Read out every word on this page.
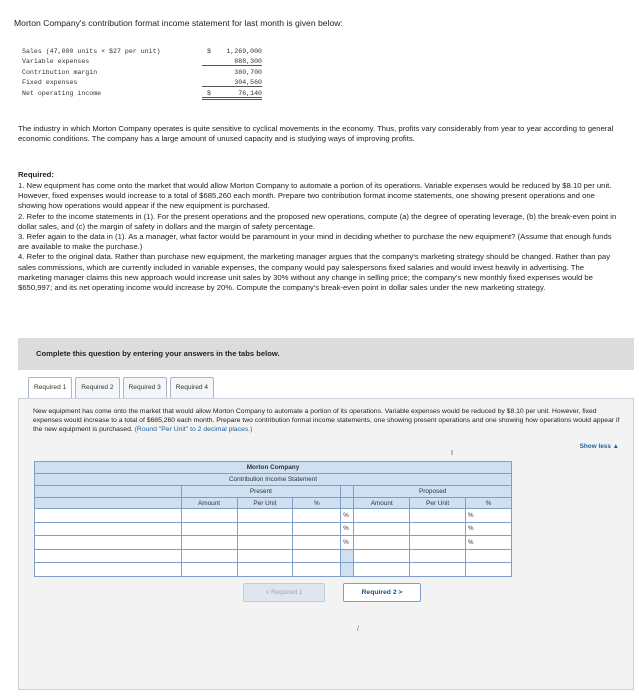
Morton Company's contribution format income statement for last month is given below:
Sales (47,000 units × $27 per unit)	$	1,269,000
Variable expenses	888,300
Contribution margin	380,700
Fixed expenses	304,560
Net operating income	$	76,140
The industry in which Morton Company operates is quite sensitive to cyclical movements in the economy. Thus, profits vary considerably from year to year according to general economic conditions. The company has a large amount of unused capacity and is studying ways of improving profits.
Required:

1. New equipment has come onto the market that would allow Morton Company to automate a portion of its operations. Variable expenses would be reduced by $8.10 per unit. However, fixed expenses would increase to a total of $685,260 each month. Prepare two contribution format income statements, one showing present operations and one showing how operations would appear if the new equipment is purchased.

2. Refer to the income statements in (1). For the present operations and the proposed new operations, compute (a) the degree of operating leverage, (b) the break-even point in dollar sales, and (c) the margin of safety in dollars and the margin of safety percentage.

3. Refer again to the data in (1). As a manager, what factor would be paramount in your mind in deciding whether to purchase the new equipment? (Assume that enough funds are available to make the purchase.)

4. Refer to the original data. Rather than purchase new equipment, the marketing manager argues that the company's marketing strategy should be changed. Rather than pay sales commissions, which are currently included in variable expenses, the company would pay salespersons fixed salaries and would invest heavily in advertising. The marketing manager claims this new approach would increase unit sales by 30% without any change in selling price; the company's new monthly fixed expenses would be $650,997; and its net operating income would increase by 20%. Compute the company's break-even point in dollar sales under the new marketing strategy.

Complete this question by entering your answers in the tabs below.
Required 1	Required 2	Required 3	Required 4
New equipment has come onto the market that would allow Morton Company to automate a portion of its operations. Variable expenses would be reduced by $8.10 per unit. However, fixed expenses would increase to a total of $685,260 each month. Prepare two contribution format income statements, one showing present operations and one showing how operations would appear if the new equipment is purchased. (Round "Per Unit" to 2 decimal places.)
Show less ▲
I
Morton Company							
Contribution Income Statement							
	Present				Proposed		
	Amount	Per Unit	%		Amount	Per Unit	%
				%			%
				%			%
				%			%

< Required 1	Required 2 >
/
